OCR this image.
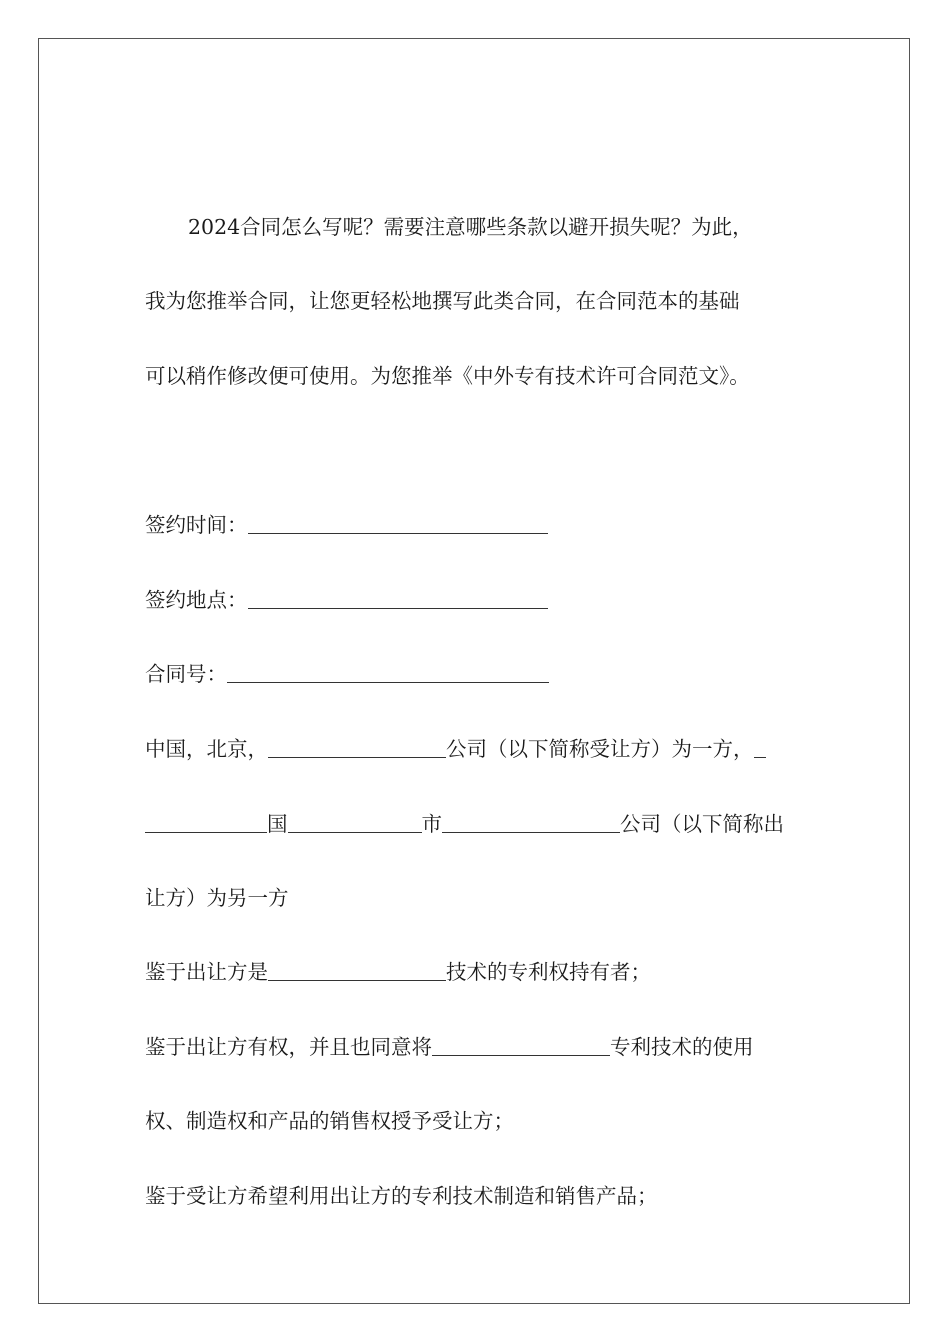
2024合同怎么写呢？需要注意哪些条款以避开损失呢？为此，

我为您推举合同，让您更轻松地撰写此类合同，在合同范本的基础

可以稍作修改便可使用。为您推举《中外专有技术许可合同范文》。

签约时间：
签约地点：
合同号：
中国，北京，	公司（以下简称受让方）为一方，
国	市	公司（以下简称出

让方）为另一方

鉴于出让方是	技术的专利权持有者；
鉴于出让方有权，并且也同意将	专利技术的使用

权、制造权和产品的销售权授予受让方；

鉴于受让方希望利用出让方的专利技术制造和销售产品；
